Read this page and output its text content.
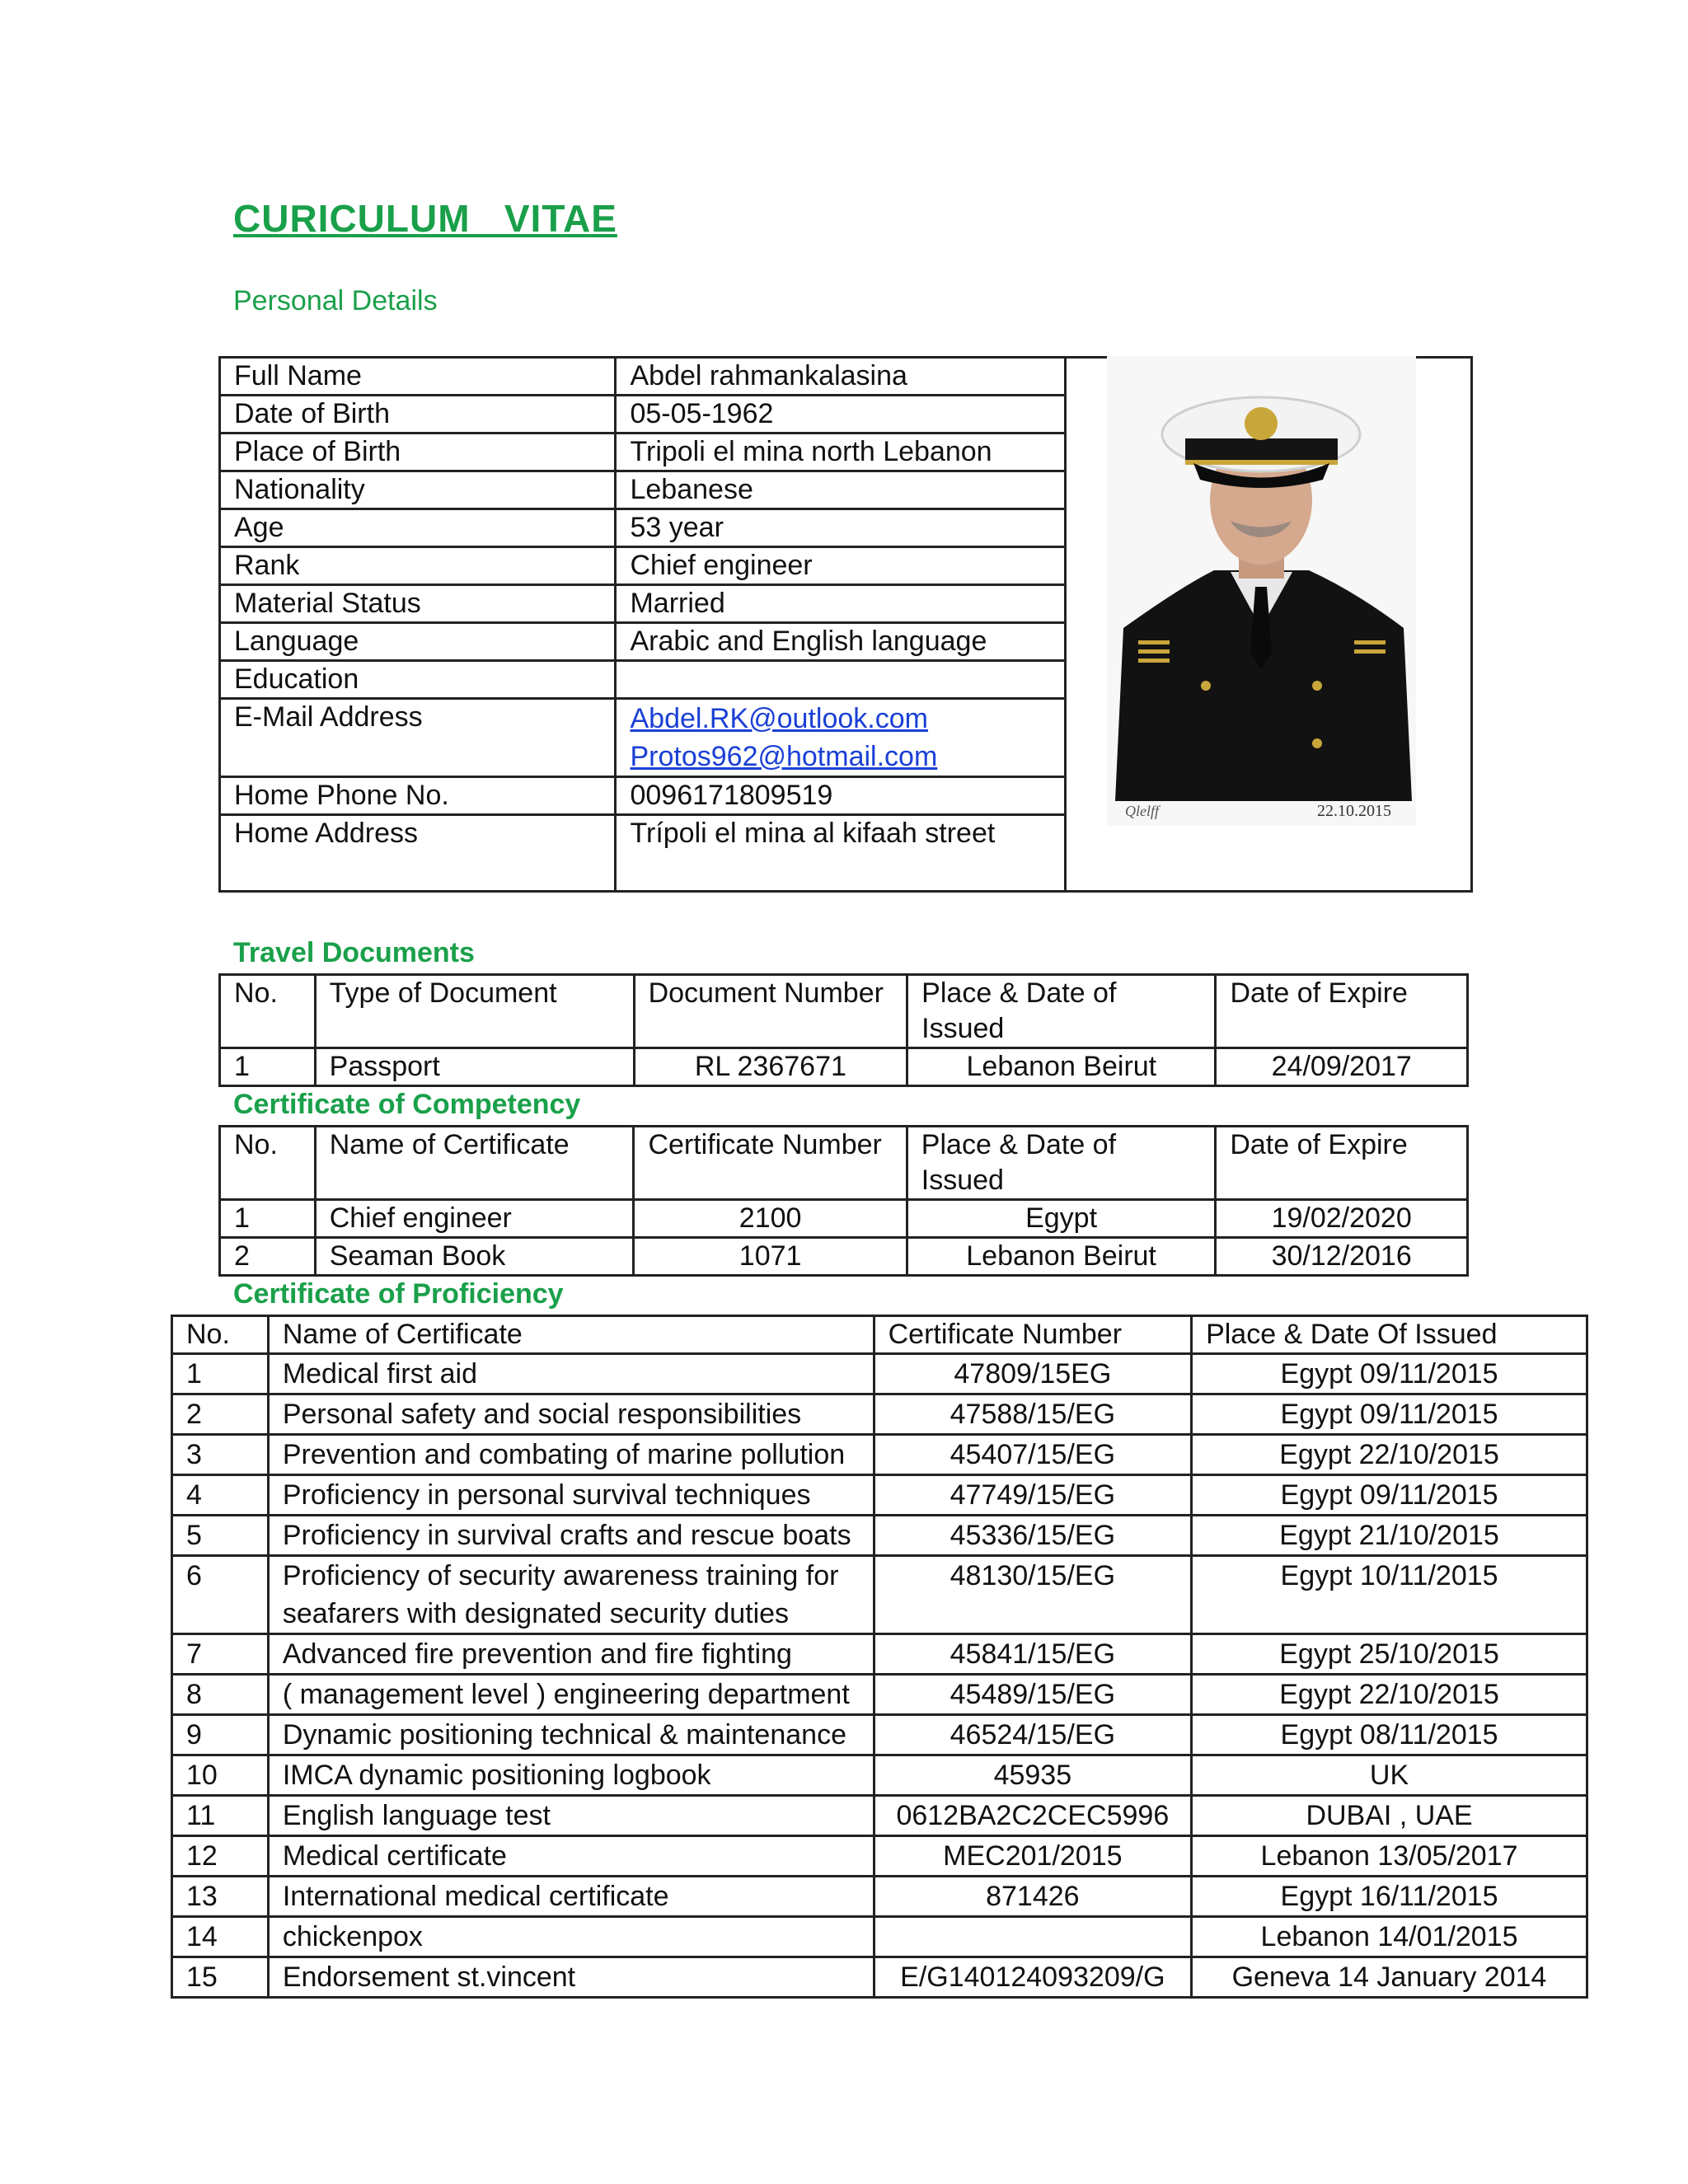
CURICULUM   VITAE
Personal Details
Full Name	Abdel rahmankalasina	
Date of Birth	05-05-1962	
Place of Birth	Tripoli el mina north Lebanon	
Nationality	Lebanese	
Age	53 year	
Rank	Chief engineer	
Material Status	Married	
Language	Arabic and English language	
Education		
E-Mail Address	Abdel.RK@outlook.com
Protos962@hotmail.com	

Home Phone No.	0096171809519	
Home Address	Trípoli el mina al kifaah street	
22.10.2015
Qlelff
Travel Documents
No.	Type of Document	Document Number	Place & Date of Issued	Date of Expire
1	Passport	RL 2367671	Lebanon Beirut	24/09/2017
Certificate of Competency
No.	Name of Certificate	Certificate Number	Place & Date of Issued	Date of Expire
1	Chief engineer	2100	Egypt	19/02/2020
2	Seaman Book	1071	Lebanon Beirut	30/12/2016
Certificate of Proficiency
No.	Name of Certificate	Certificate Number	Place & Date Of Issued
1	Medical first aid	47809/15EG	Egypt 09/11/2015
2	Personal safety and social responsibilities	47588/15/EG	Egypt 09/11/2015
3	Prevention and combating of marine pollution	45407/15/EG	Egypt 22/10/2015
4	Proficiency in personal survival techniques	47749/15/EG	Egypt 09/11/2015
5	Proficiency in survival crafts and rescue boats	45336/15/EG	Egypt 21/10/2015
6	Proficiency of security awareness training for seafarers with designated security duties	48130/15/EG	Egypt 10/11/2015
7	Advanced fire prevention and fire fighting	45841/15/EG	Egypt 25/10/2015
8	( management level ) engineering department	45489/15/EG	Egypt 22/10/2015
9	Dynamic positioning technical & maintenance	46524/15/EG	Egypt 08/11/2015
10	IMCA dynamic positioning logbook	45935	UK
11	English language test	0612BA2C2CEC5996	DUBAI , UAE
12	Medical certificate	MEC201/2015	Lebanon 13/05/2017
13	International medical certificate	871426	Egypt 16/11/2015
14	chickenpox		Lebanon 14/01/2015
15	Endorsement st.vincent	E/G140124093209/G	Geneva 14 January 2014
